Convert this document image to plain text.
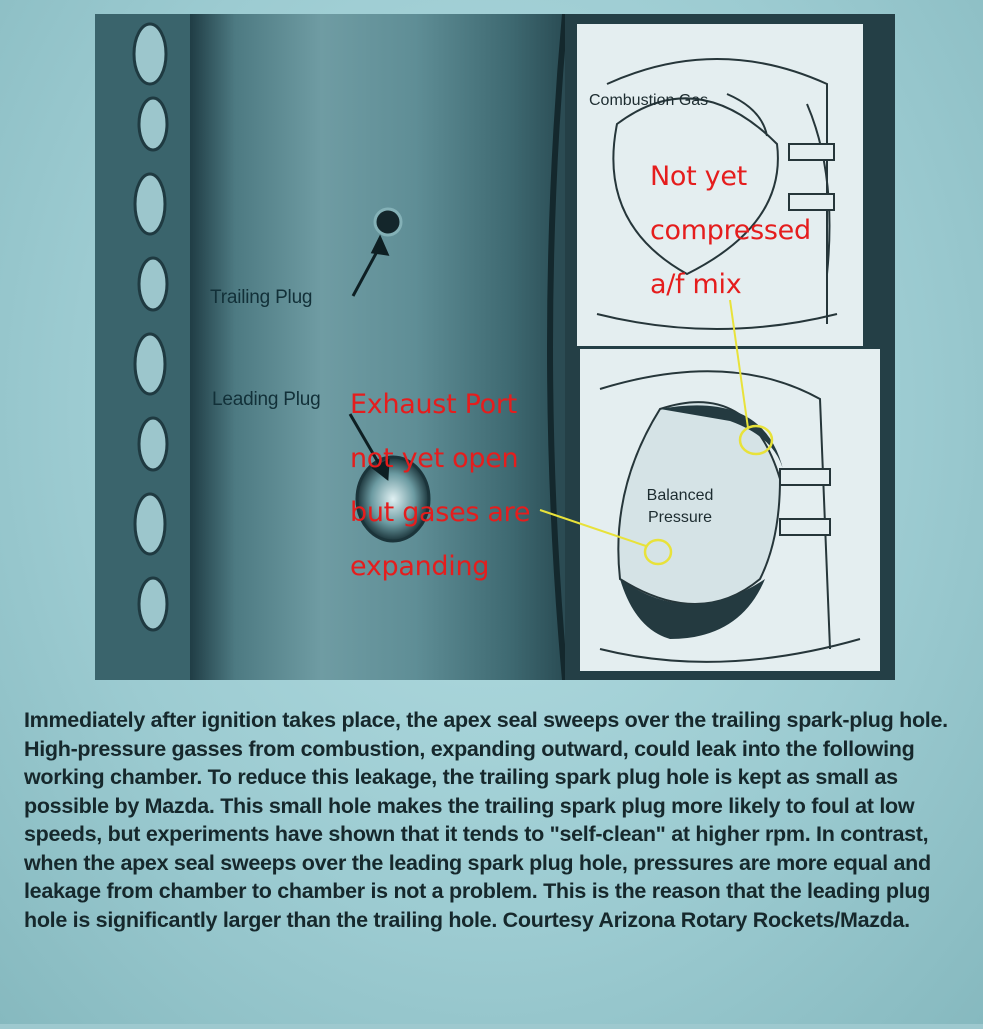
Trailing Plug
Leading Plug
Combustion Gas
Balanced
Pressure
Not yet
compressed
a/f mix
Exhaust Port
not yet open
but gases are
expanding
Immediately after ignition takes place, the apex seal sweeps over the trailing spark-plug hole. High-pressure gasses from combustion, expanding outward, could leak into the following working chamber. To reduce this leakage, the trailing spark plug hole is kept as small as possible by Mazda. This small hole makes the trailing spark plug more likely to foul at low speeds, but experiments have shown that it tends to "self-clean" at higher rpm. In contrast, when the apex seal sweeps over the leading spark plug hole, pressures are more equal and leakage from chamber to chamber is not a problem. This is the reason that the leading plug hole is significantly larger than the trailing hole. Courtesy Arizona Rotary Rockets/Mazda.
